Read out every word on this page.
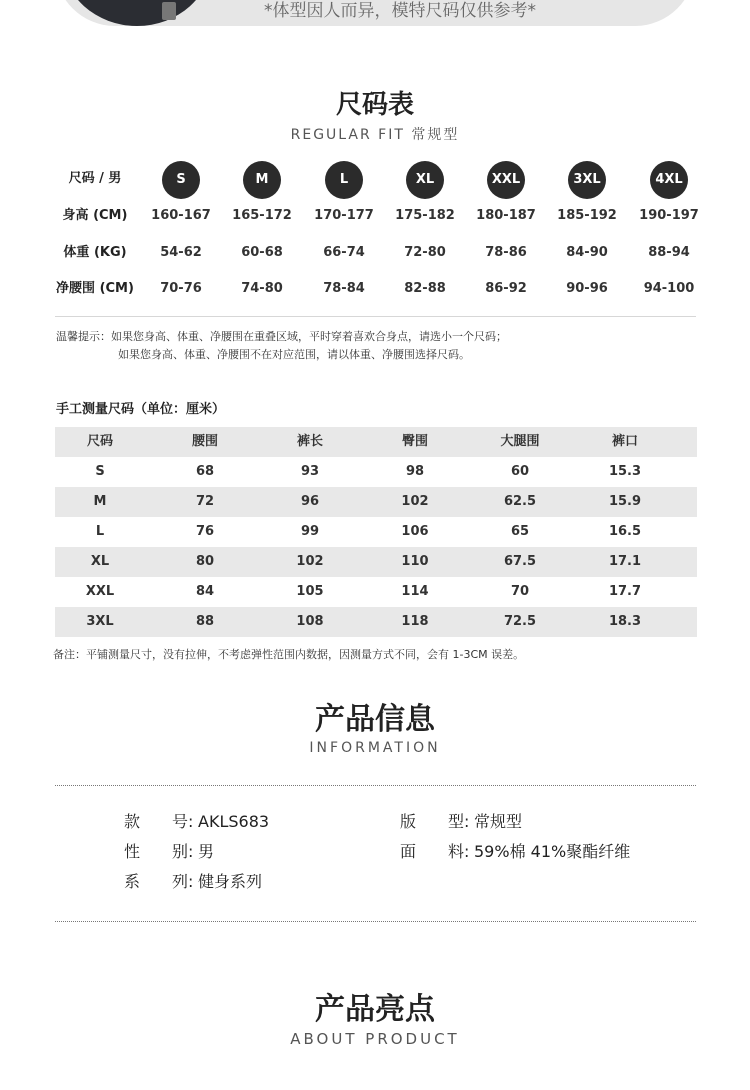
*体型因人而异，模特尺码仅供参考*
尺码表
REGULAR FIT 常规型
尺码 / 男	S	M	L	XL	XXL	3XL	4XL
身高 (CM)	160-167	165-172	170-177	175-182	180-187	185-192	190-197
体重 (KG)	54-62	60-68	66-74	72-80	78-86	84-90	88-94
净腰围 (CM)	70-76	74-80	78-84	82-88	86-92	90-96	94-100
温馨提示：如果您身高、体重、净腰围在重叠区域，平时穿着喜欢合身点，请选小一个尺码；
如果您身高、体重、净腰围不在对应范围，请以体重、净腰围选择尺码。
手工测量尺码（单位：厘米）
尺码	腰围	裤长	臀围	大腿围	裤口
S	68	93	98	60	15.3
M	72	96	102	62.5	15.9
L	76	99	106	65	16.5
XL	80	102	110	67.5	17.1
XXL	84	105	114	70	17.7
3XL	88	108	118	72.5	18.3
备注：平铺测量尺寸，没有拉伸，不考虑弹性范围内数据，因测量方式不同，会有 1-3CM 误差。
产品信息
INFORMATION
款　　号: AKLS683	版　　型: 常规型
性　　别: 男	面　　料: 59%棉 41%聚酯纤维
系　　列: 健身系列
产品亮点
ABOUT PRODUCT
